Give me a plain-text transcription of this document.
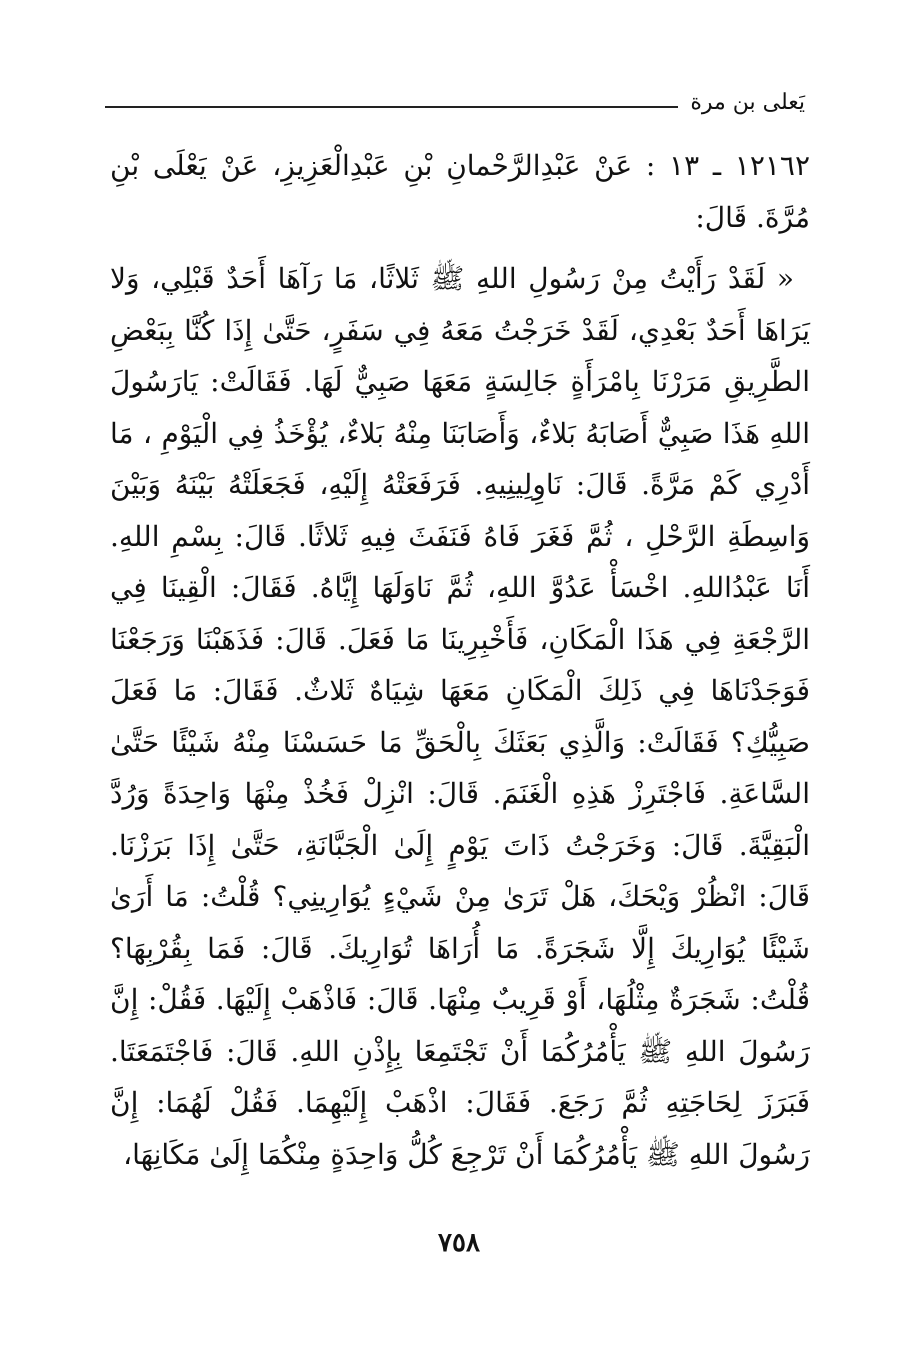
يَعلى بن مرة

١٢١٦٢ ـ ١٣ : عَنْ عَبْدِالرَّحْمانِ بْنِ عَبْدِالْعَزِيزِ، عَنْ يَعْلَى بْنِ مُرَّةَ. قَالَ:

« لَقَدْ رَأَيْتُ مِنْ رَسُولِ اللهِ ﷺ ثَلاثًا، مَا رَآهَا أَحَدٌ قَبْلِي، وَلا يَرَاهَا أَحَدٌ بَعْدِي، لَقَدْ خَرَجْتُ مَعَهُ فِي سَفَرٍ، حَتَّىٰ إِذَا كُنَّا بِبَعْضِ الطَّرِيقِ مَرَرْنَا بِامْرَأَةٍ جَالِسَةٍ مَعَهَا صَبِيٌّ لَهَا. فَقَالَتْ: يَارَسُولَ اللهِ هَذَا صَبِيٌّ أَصَابَهُ بَلاءٌ، وَأَصَابَنَا مِنْهُ بَلاءٌ، يُؤْخَذُ فِي الْيَوْمِ ، مَا أَدْرِي كَمْ مَرَّةً. قَالَ: نَاوِلِينِيهِ. فَرَفَعَتْهُ إِلَيْهِ، فَجَعَلَتْهُ بَيْنَهُ وَبَيْنَ وَاسِطَةِ الرَّحْلِ ، ثُمَّ فَغَرَ فَاهُ فَنَفَثَ فِيهِ ثَلاثًا. قَالَ: بِسْمِ اللهِ. أَنَا عَبْدُاللهِ. اخْسَأْ عَدُوَّ اللهِ، ثُمَّ نَاوَلَهَا إِيَّاهُ. فَقَالَ: الْقِينَا فِي الرَّجْعَةِ فِي هَذَا الْمَكَانِ، فَأَخْبِرِينَا مَا فَعَلَ. قَالَ: فَذَهَبْنَا وَرَجَعْنَا فَوَجَدْنَاهَا فِي ذَلِكَ الْمَكَانِ مَعَهَا شِيَاهٌ ثَلاثٌ. فَقَالَ: مَا فَعَلَ صَبِيُّكِ؟ فَقَالَتْ: وَالَّذِي بَعَثَكَ بِالْحَقِّ مَا حَسَسْنَا مِنْهُ شَيْئًا حَتَّىٰ السَّاعَةِ. فَاجْتَرِزْ هَذِهِ الْغَنَمَ. قَالَ: انْزِلْ فَخُذْ مِنْهَا وَاحِدَةً وَرُدَّ الْبَقِيَّةَ. قَالَ: وَخَرَجْتُ ذَاتَ يَوْمٍ إِلَىٰ الْجَبَّانَةِ، حَتَّىٰ إِذَا بَرَزْنَا. قَالَ: انْظُرْ وَيْحَكَ، هَلْ تَرَىٰ مِنْ شَيْءٍ يُوَارِينِي؟ قُلْتُ: مَا أَرَىٰ شَيْئًا يُوَارِيكَ إِلَّا شَجَرَةً. مَا أُرَاهَا تُوَارِيكَ. قَالَ: فَمَا بِقُرْبِهَا؟ قُلْتُ: شَجَرَةٌ مِثْلُهَا، أَوْ قَرِيبٌ مِنْهَا. قَالَ: فَاذْهَبْ إِلَيْهَا. فَقُلْ: إِنَّ رَسُولَ اللهِ ﷺ يَأْمُرُكُمَا أَنْ تَجْتَمِعَا بِإِذْنِ اللهِ. قَالَ: فَاجْتَمَعَتَا. فَبَرَزَ لِحَاجَتِهِ ثُمَّ رَجَعَ. فَقَالَ: اذْهَبْ إِلَيْهِمَا. فَقُلْ لَهُمَا: إِنَّ رَسُولَ اللهِ ﷺ يَأْمُرُكُمَا أَنْ تَرْجِعَ كُلُّ وَاحِدَةٍ مِنْكُمَا إِلَىٰ مَكَانِهَا،

٧٥٨
